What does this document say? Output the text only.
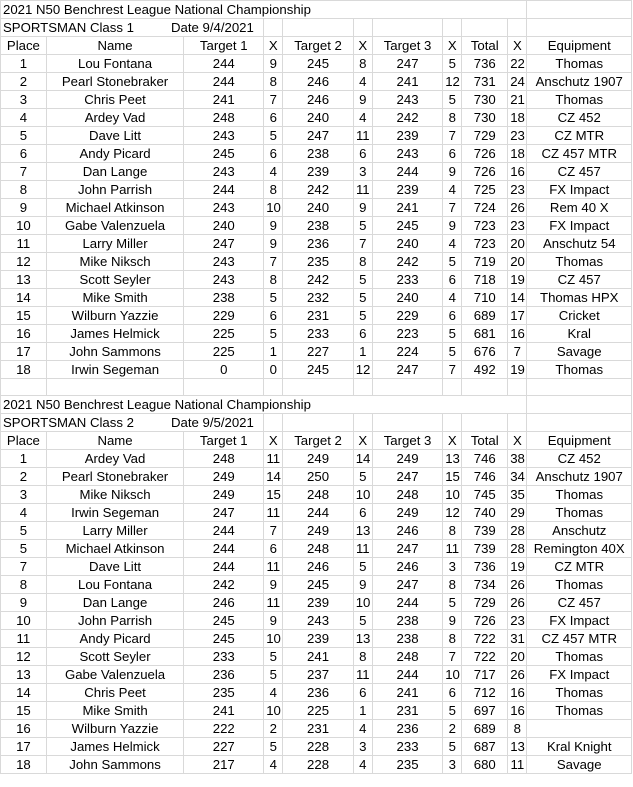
2021 N50 Benchrest League National Championship										
SPORTSMAN Class 1 Date 9/4/2021										
Place	Name	Target 1	X	Target 2	X	Target 3	X	Total	X	Equipment
1	Lou Fontana	244	9	245	8	247	5	736	22	Thomas
2	Pearl Stonebraker	244	8	246	4	241	12	731	24	Anschutz 1907
3	Chris Peet	241	7	246	9	243	5	730	21	Thomas
4	Ardey Vad	248	6	240	4	242	8	730	18	CZ 452
5	Dave Litt	243	5	247	11	239	7	729	23	CZ MTR
6	Andy Picard	245	6	238	6	243	6	726	18	CZ 457 MTR
7	Dan Lange	243	4	239	3	244	9	726	16	CZ 457
8	John Parrish	244	8	242	11	239	4	725	23	FX Impact
9	Michael Atkinson	243	10	240	9	241	7	724	26	Rem 40 X
10	Gabe Valenzuela	240	9	238	5	245	9	723	23	FX Impact
11	Larry Miller	247	9	236	7	240	4	723	20	Anschutz 54
12	Mike Niksch	243	7	235	8	242	5	719	20	Thomas
13	Scott Seyler	243	8	242	5	233	6	718	19	CZ 457
14	Mike Smith	238	5	232	5	240	4	710	14	Thomas HPX
15	Wilburn Yazzie	229	6	231	5	229	6	689	17	Cricket
16	James Helmick	225	5	233	6	223	5	681	16	Kral
17	John Sammons	225	1	227	1	224	5	676	7	Savage
18	Irwin Segeman	0	0	245	12	247	7	492	19	Thomas

2021 N50 Benchrest League National Championship										
SPORTSMAN Class 2 Date 9/5/2021										
Place	Name	Target 1	X	Target 2	X	Target 3	X	Total	X	Equipment
1	Ardey Vad	248	11	249	14	249	13	746	38	CZ 452
2	Pearl Stonebraker	249	14	250	5	247	15	746	34	Anschutz 1907
3	Mike Niksch	249	15	248	10	248	10	745	35	Thomas
4	Irwin Segeman	247	11	244	6	249	12	740	29	Thomas
5	Larry Miller	244	7	249	13	246	8	739	28	Anschutz
5	Michael Atkinson	244	6	248	11	247	11	739	28	Remington 40X
7	Dave Litt	244	11	246	5	246	3	736	19	CZ MTR
8	Lou Fontana	242	9	245	9	247	8	734	26	Thomas
9	Dan Lange	246	11	239	10	244	5	729	26	CZ 457
10	John Parrish	245	9	243	5	238	9	726	23	FX Impact
11	Andy Picard	245	10	239	13	238	8	722	31	CZ 457 MTR
12	Scott Seyler	233	5	241	8	248	7	722	20	Thomas
13	Gabe Valenzuela	236	5	237	11	244	10	717	26	FX Impact
14	Chris Peet	235	4	236	6	241	6	712	16	Thomas
15	Mike Smith	241	10	225	1	231	5	697	16	Thomas
16	Wilburn Yazzie	222	2	231	4	236	2	689	8	
17	James Helmick	227	5	228	3	233	5	687	13	Kral Knight
18	John Sammons	217	4	228	4	235	3	680	11	Savage
